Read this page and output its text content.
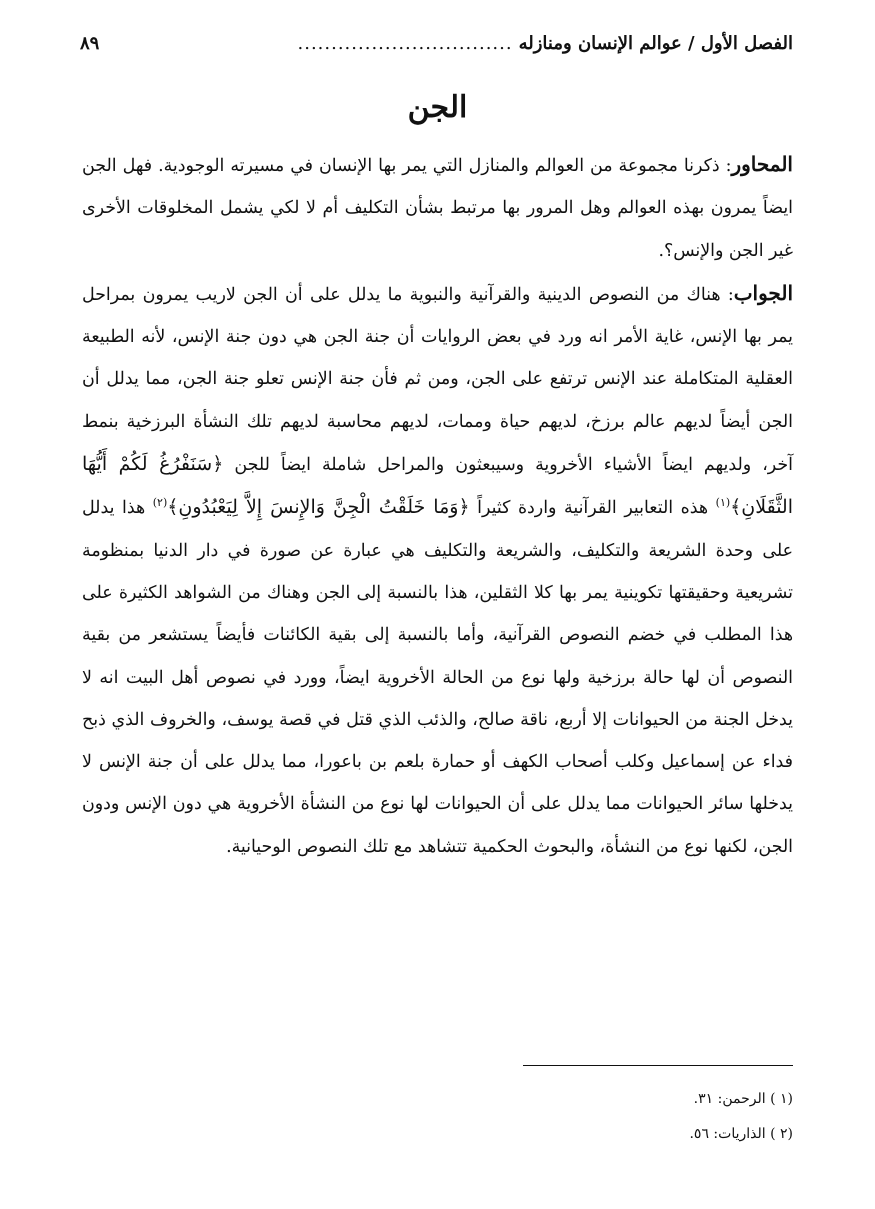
الفصل الأول / عوالم الإنسان ومنازله
................................
٨٩
الجن

المحاور: ذكرنا مجموعة من العوالم والمنازل التي يمر بها الإنسان في مسيرته الوجودية. فهل الجن ايضاً يمرون بهذه العوالم وهل المرور بها مرتبط بشأن التكليف أم لا لكي يشمل المخلوقات الأخرى غير الجن والإنس؟.

الجواب: هناك من النصوص الدينية والقرآنية والنبوية ما يدلل على أن الجن لاريب يمرون بمراحل يمر بها الإنس، غاية الأمر انه ورد في بعض الروايات أن جنة الجن هي دون جنة الإنس، لأنه الطبيعة العقلية المتكاملة عند الإنس ترتفع على الجن، ومن ثم فأن جنة الإنس تعلو جنة الجن، مما يدلل أن الجن أيضاً لديهم عالم برزخ، لديهم حياة وممات، لديهم محاسبة لديهم تلك النشأة البرزخية بنمط آخر، ولديهم ايضاً الأشياء الأخروية وسيبعثون والمراحل شاملة ايضاً للجن ﴿سَنَفْرُغُ لَكُمْ أَيُّهَا الثَّقَلَانِ﴾$^{(١)}$ هذه التعابير القرآنية واردة كثيراً ﴿وَمَا خَلَقْتُ الْجِنَّ وَالإِنسَ إِلاَّ لِيَعْبُدُونِ﴾$^{(٢)}$ هذا يدلل على وحدة الشريعة والتكليف، والشريعة والتكليف هي عبارة عن صورة في دار الدنيا بمنظومة تشريعية وحقيقتها تكوينية يمر بها كلا الثقلين، هذا بالنسبة إلى الجن وهناك من الشواهد الكثيرة على هذا المطلب في خضم النصوص القرآنية، وأما بالنسبة إلى بقية الكائنات فأيضاً يستشعر من بقية النصوص أن لها حالة برزخية ولها نوع من الحالة الأخروية ايضاً، وورد في نصوص أهل البيت انه لا يدخل الجنة من الحيوانات إلا أربع، ناقة صالح، والذئب الذي قتل في قصة يوسف، والخروف الذي ذبح فداء عن إسماعيل وكلب أصحاب الكهف أو حمارة بلعم بن باعورا، مما يدلل على أن جنة الإنس لا يدخلها سائر الحيوانات مما يدلل على أن الحيوانات لها نوع من النشأة الأخروية هي دون الإنس ودون الجن، لكنها نوع من النشأة، والبحوث الحكمية تتشاهد مع تلك النصوص الوحيانية.

(١ ) الرحمن: ٣١.

(٢ ) الذاريات: ٥٦.
